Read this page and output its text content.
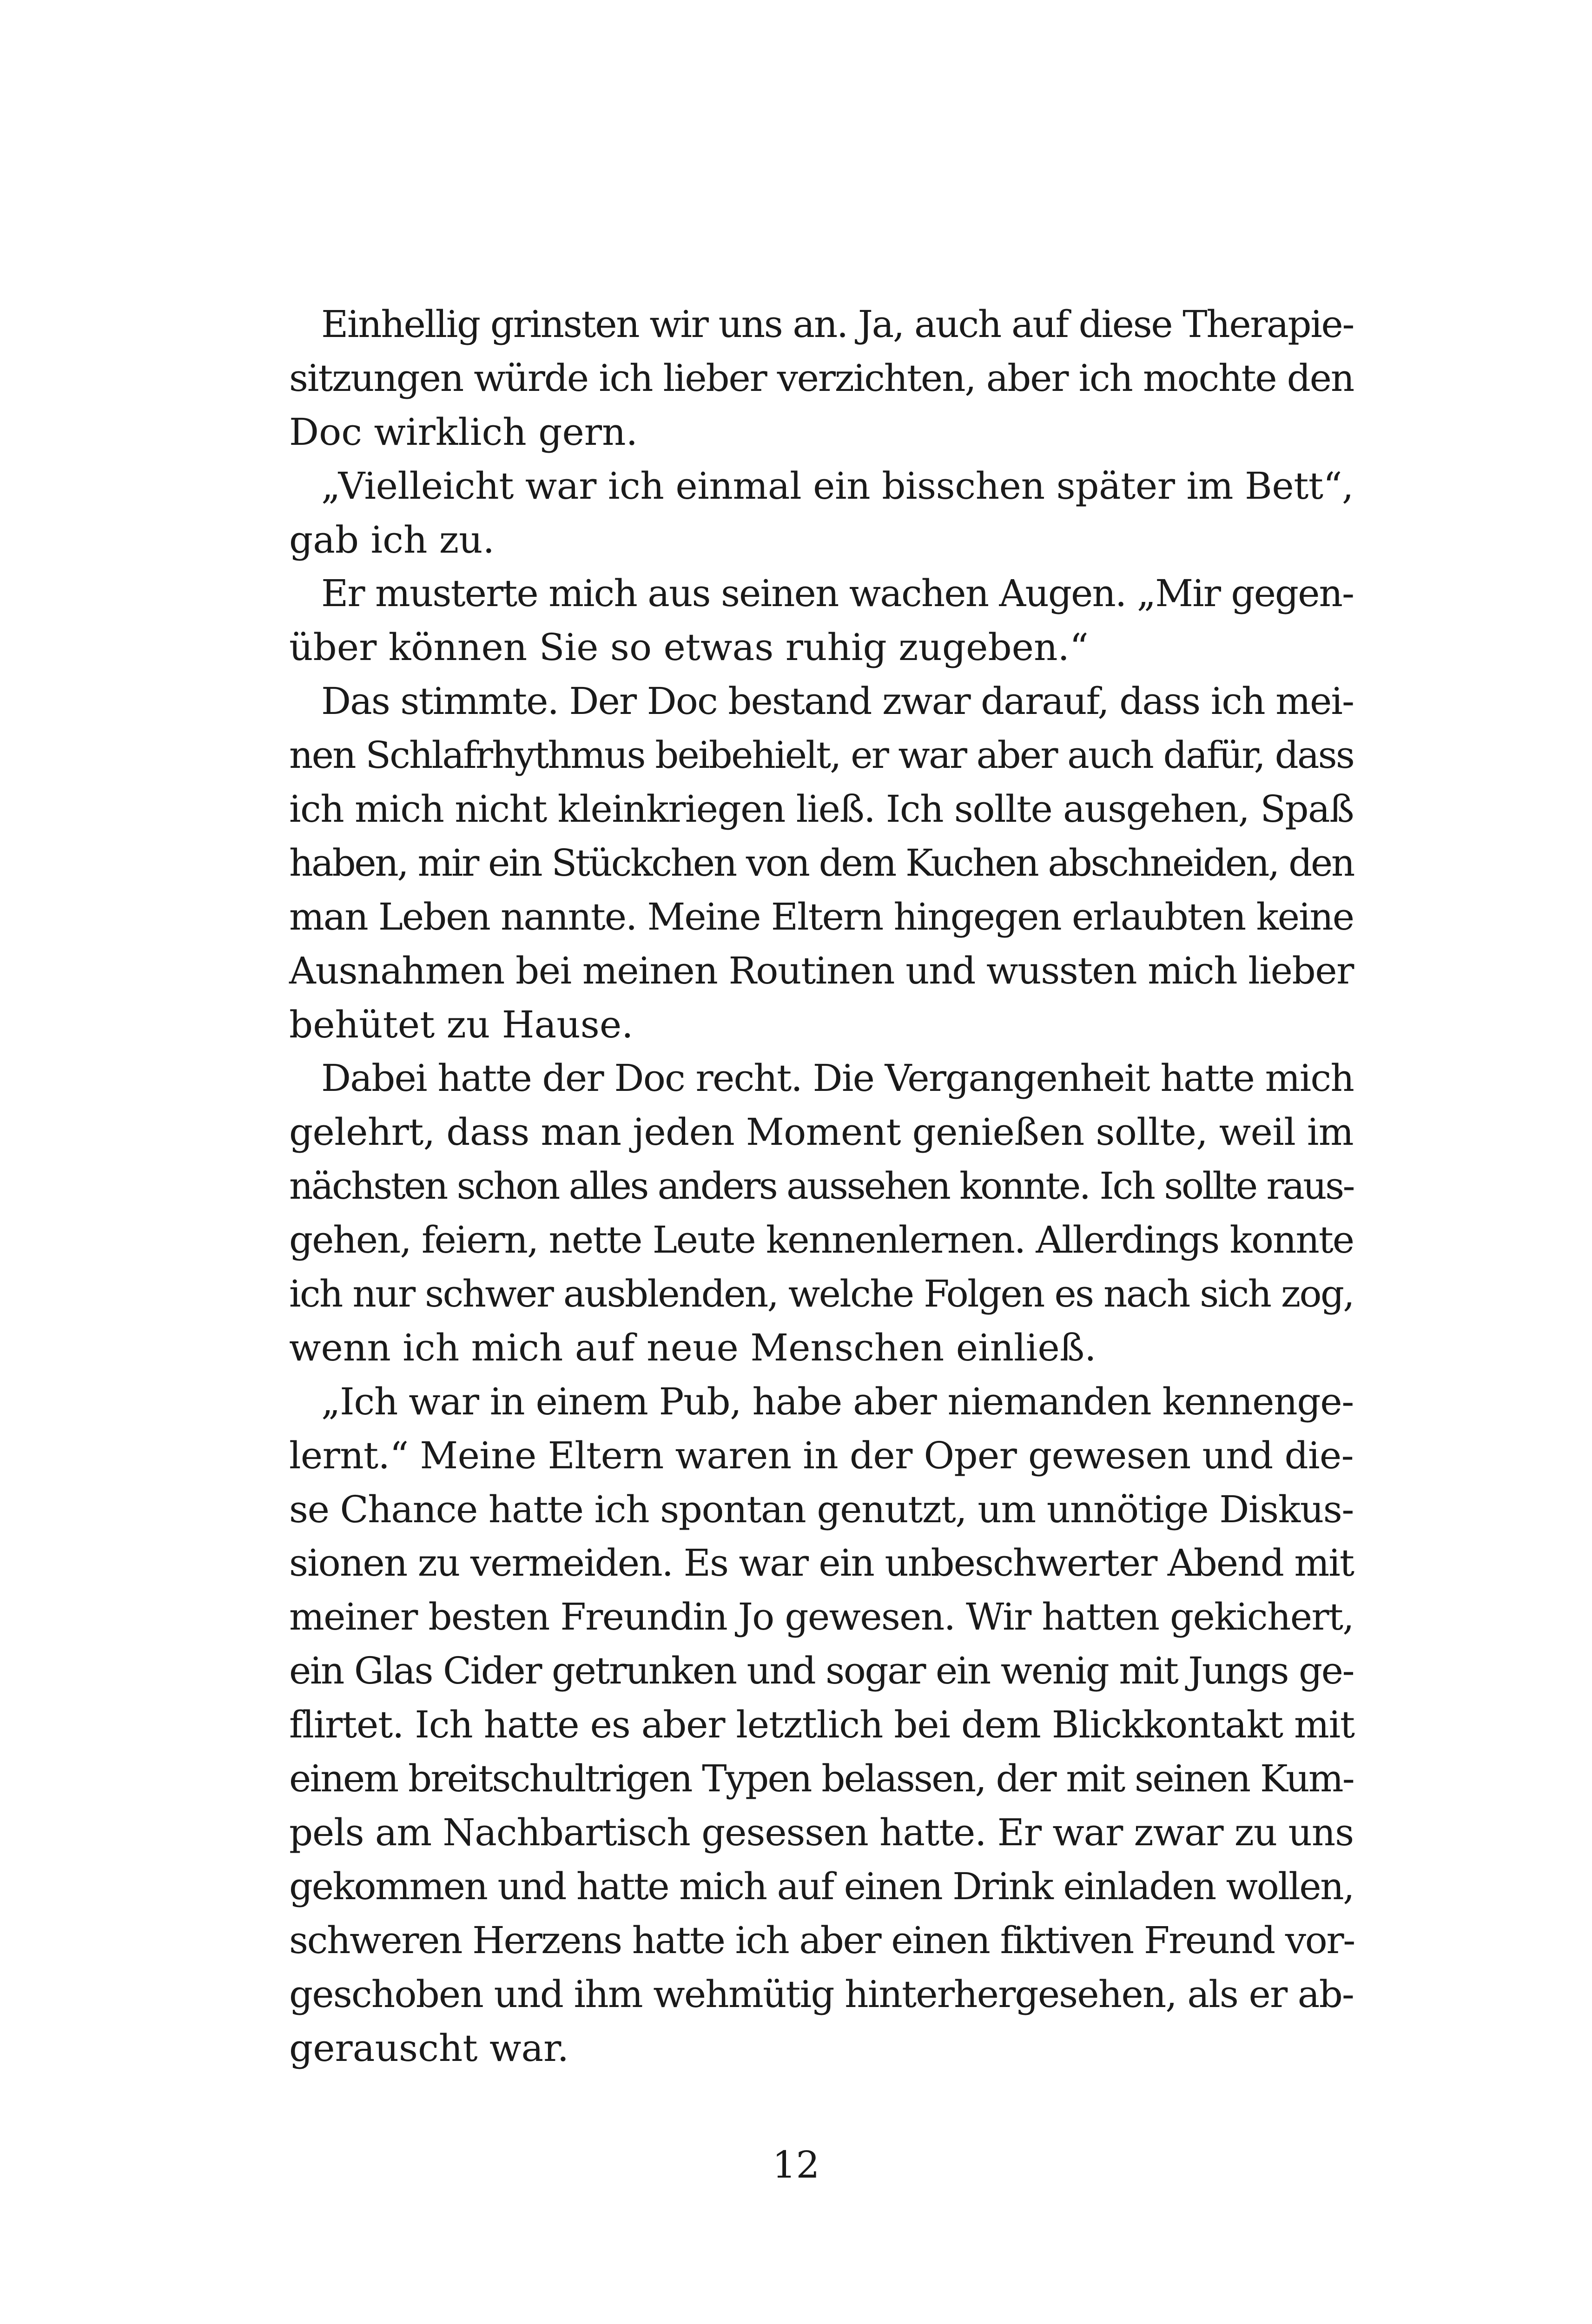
Einhellig grinsten wir uns an. Ja, auch auf diese Therapie-
sitzungen würde ich lieber verzichten, aber ich mochte den
Doc wirklich gern.
„Vielleicht war ich einmal ein bisschen später im Bett“,
gab ich zu.
Er musterte mich aus seinen wachen Augen. „Mir gegen-
über können Sie so etwas ruhig zugeben.“
Das stimmte. Der Doc bestand zwar darauf, dass ich mei-
nen Schlafrhythmus beibehielt, er war aber auch dafür, dass
ich mich nicht kleinkriegen ließ. Ich sollte ausgehen, Spaß
haben, mir ein Stückchen von dem Kuchen abschneiden, den
man Leben nannte. Meine Eltern hingegen erlaubten keine
Ausnahmen bei meinen Routinen und wussten mich lieber
behütet zu Hause.
Dabei hatte der Doc recht. Die Vergangenheit hatte mich
gelehrt, dass man jeden Moment genießen sollte, weil im
nächsten schon alles anders aussehen konnte. Ich sollte raus-
gehen, feiern, nette Leute kennenlernen. Allerdings konnte
ich nur schwer ausblenden, welche Folgen es nach sich zog,
wenn ich mich auf neue Menschen einließ.
„Ich war in einem Pub, habe aber niemanden kennenge-
lernt.“ Meine Eltern waren in der Oper gewesen und die-
se Chance hatte ich spontan genutzt, um unnötige Diskus-
sionen zu vermeiden. Es war ein unbeschwerter Abend mit
meiner besten Freundin Jo gewesen. Wir hatten gekichert,
ein Glas Cider getrunken und sogar ein wenig mit Jungs ge-
flirtet. Ich hatte es aber letztlich bei dem Blickkontakt mit
einem breitschultrigen Typen belassen, der mit seinen Kum-
pels am Nachbartisch gesessen hatte. Er war zwar zu uns
gekommen und hatte mich auf einen Drink einladen wollen,
schweren Herzens hatte ich aber einen fiktiven Freund vor-
geschoben und ihm wehmütig hinterhergesehen, als er ab-
gerauscht war.
12
